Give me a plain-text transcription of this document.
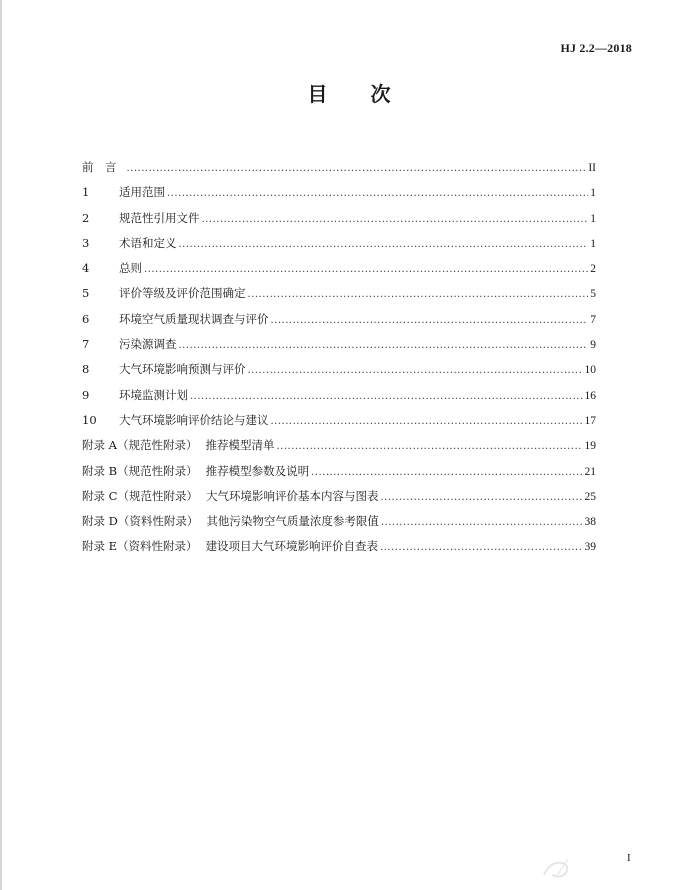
HJ 2.2—2018
目 次
前　言 .....	II
1	适用范围 .....	1
2	规范性引用文件 .....	1
3	术语和定义 .....	1
4	总则 .....	2
5	评价等级及评价范围确定 .....	5
6	环境空气质量现状调查与评价 .....	7
7	污染源调查 .....	9
8	大气环境影响预测与评价 .....	10
9	环境监测计划 .....	16
10	大气环境影响评价结论与建议 .....	17
附录 A（规范性附录） 推荐模型清单 .....	19
附录 B（规范性附录） 推荐模型参数及说明 .....	21
附录 C（规范性附录） 大气环境影响评价基本内容与图表 .....	25
附录 D（资料性附录） 其他污染物空气质量浓度参考限值 .....	38
附录 E（资料性附录） 建设项目大气环境影响评价自查表 .....	39
I
